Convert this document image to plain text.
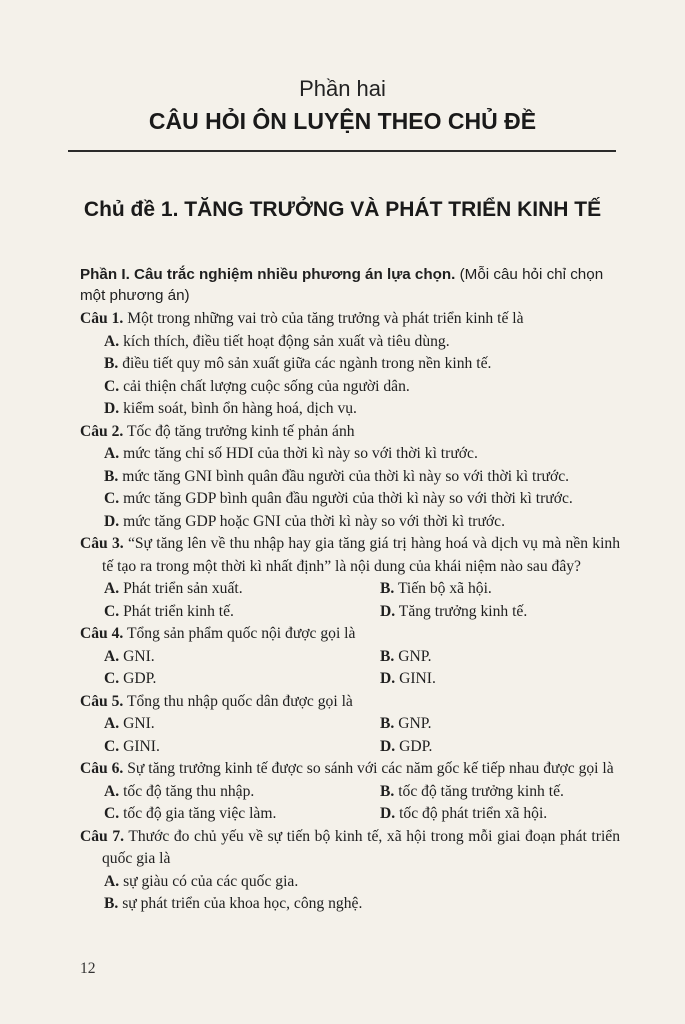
Phần hai
CÂU HỎI ÔN LUYỆN THEO CHỦ ĐỀ
Chủ đề 1. TĂNG TRƯỞNG VÀ PHÁT TRIỂN KINH TẾ
Phần I. Câu trắc nghiệm nhiều phương án lựa chọn. (Mỗi câu hỏi chỉ chọn một phương án)
Câu 1. Một trong những vai trò của tăng trưởng và phát triển kinh tế là
A. kích thích, điều tiết hoạt động sản xuất và tiêu dùng.
B. điều tiết quy mô sản xuất giữa các ngành trong nền kinh tế.
C. cải thiện chất lượng cuộc sống của người dân.
D. kiểm soát, bình ổn hàng hoá, dịch vụ.
Câu 2. Tốc độ tăng trưởng kinh tế phản ánh
A. mức tăng chỉ số HDI của thời kì này so với thời kì trước.
B. mức tăng GNI bình quân đầu người của thời kì này so với thời kì trước.
C. mức tăng GDP bình quân đầu người của thời kì này so với thời kì trước.
D. mức tăng GDP hoặc GNI của thời kì này so với thời kì trước.
Câu 3. “Sự tăng lên về thu nhập hay gia tăng giá trị hàng hoá và dịch vụ mà nền kinh tế tạo ra trong một thời kì nhất định” là nội dung của khái niệm nào sau đây?
A. Phát triển sản xuất.	B. Tiến bộ xã hội.
C. Phát triển kinh tế.	D. Tăng trưởng kinh tế.
Câu 4. Tổng sản phẩm quốc nội được gọi là
A. GNI.	B. GNP.
C. GDP.	D. GINI.
Câu 5. Tổng thu nhập quốc dân được gọi là
A. GNI.	B. GNP.
C. GINI.	D. GDP.
Câu 6. Sự tăng trưởng kinh tế được so sánh với các năm gốc kế tiếp nhau được gọi là
A. tốc độ tăng thu nhập.	B. tốc độ tăng trưởng kinh tế.
C. tốc độ gia tăng việc làm.	D. tốc độ phát triển xã hội.
Câu 7. Thước đo chủ yếu về sự tiến bộ kinh tế, xã hội trong mỗi giai đoạn phát triển quốc gia là
A. sự giàu có của các quốc gia.
B. sự phát triển của khoa học, công nghệ.
12
